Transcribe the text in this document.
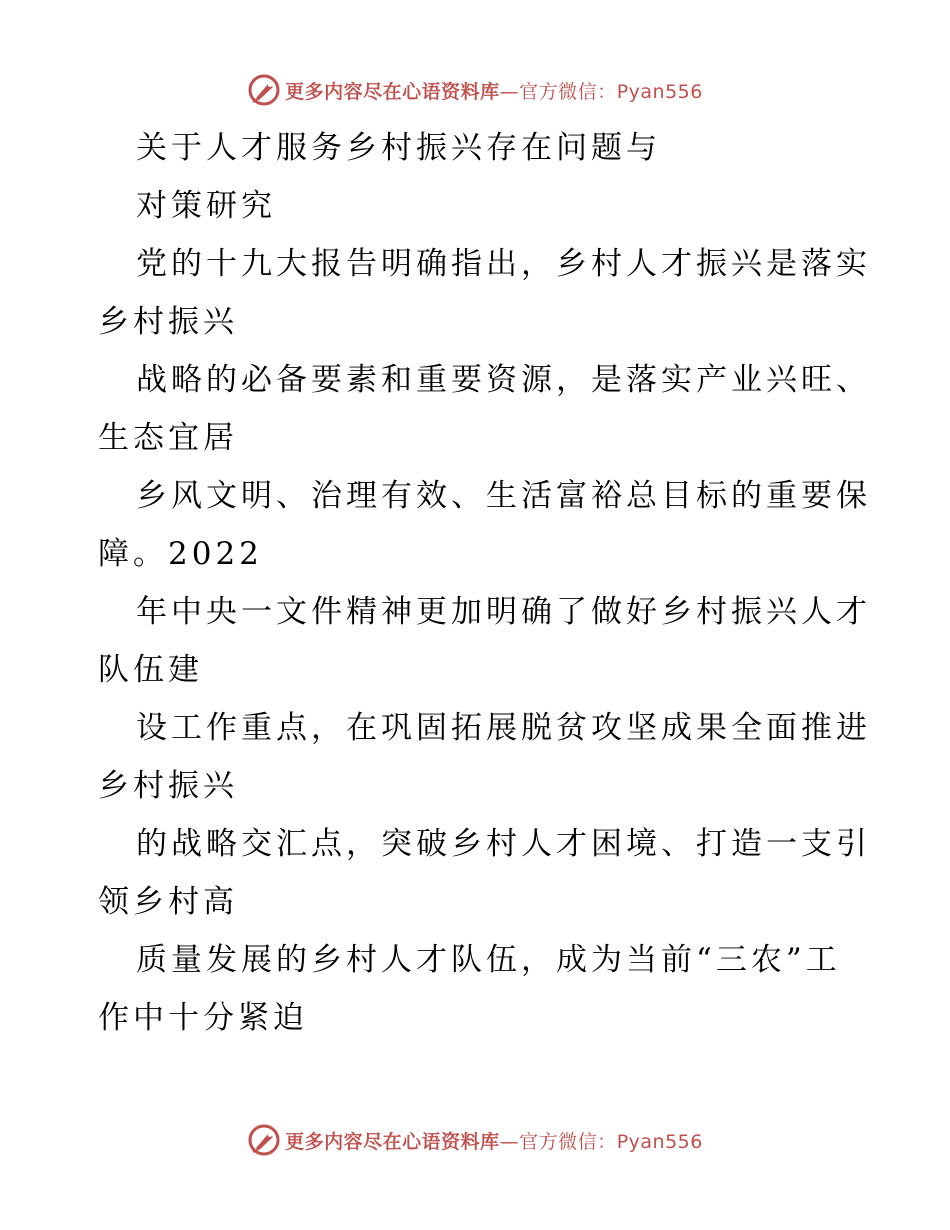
更多内容尽在心语资料库—官方微信：Pyan556
关于人才服务乡村振兴存在问题与
对策研究
党的十九大报告明确指出，乡村人才振兴是落实
乡村振兴
战略的必备要素和重要资源，是落实产业兴旺、
生态宜居
乡风文明、治理有效、生活富裕总目标的重要保
障。2022
年中央一文件精神更加明确了做好乡村振兴人才
队伍建
设工作重点，在巩固拓展脱贫攻坚成果全面推进
乡村振兴
的战略交汇点，突破乡村人才困境、打造一支引
领乡村高
质量发展的乡村人才队伍，成为当前“三农”工
作中十分紧迫
更多内容尽在心语资料库—官方微信：Pyan556
